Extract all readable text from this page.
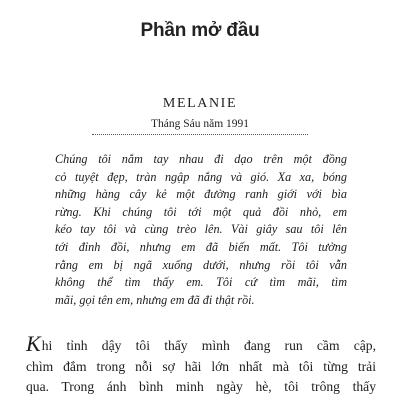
Phần mở đầu
MELANIE
Tháng Sáu năm 1991
Chúng tôi nắm tay nhau đi dạo trên một đồng
cỏ tuyệt đẹp, tràn ngập nắng và gió. Xa xa, bóng
những hàng cây kẻ một đường ranh giới với bìa
rừng. Khi chúng tôi tới một quả đồi nhỏ, em
kéo tay tôi và cùng trèo lên. Vài giây sau tôi lên
tới đỉnh đồi, nhưng em đã biến mất. Tôi tưởng
rằng em bị ngã xuống dưới, nhưng rồi tôi vẫn
không thể tìm thấy em. Tôi cứ tìm mãi, tìm
mãi, gọi tên em, nhưng em đã đi thật rồi.
Khi tỉnh dậy tôi thấy mình đang run cầm cập,
chìm đắm trong nỗi sợ hãi lớn nhất mà tôi từng trải
qua. Trong ánh bình minh ngày hè, tôi trông thấy
